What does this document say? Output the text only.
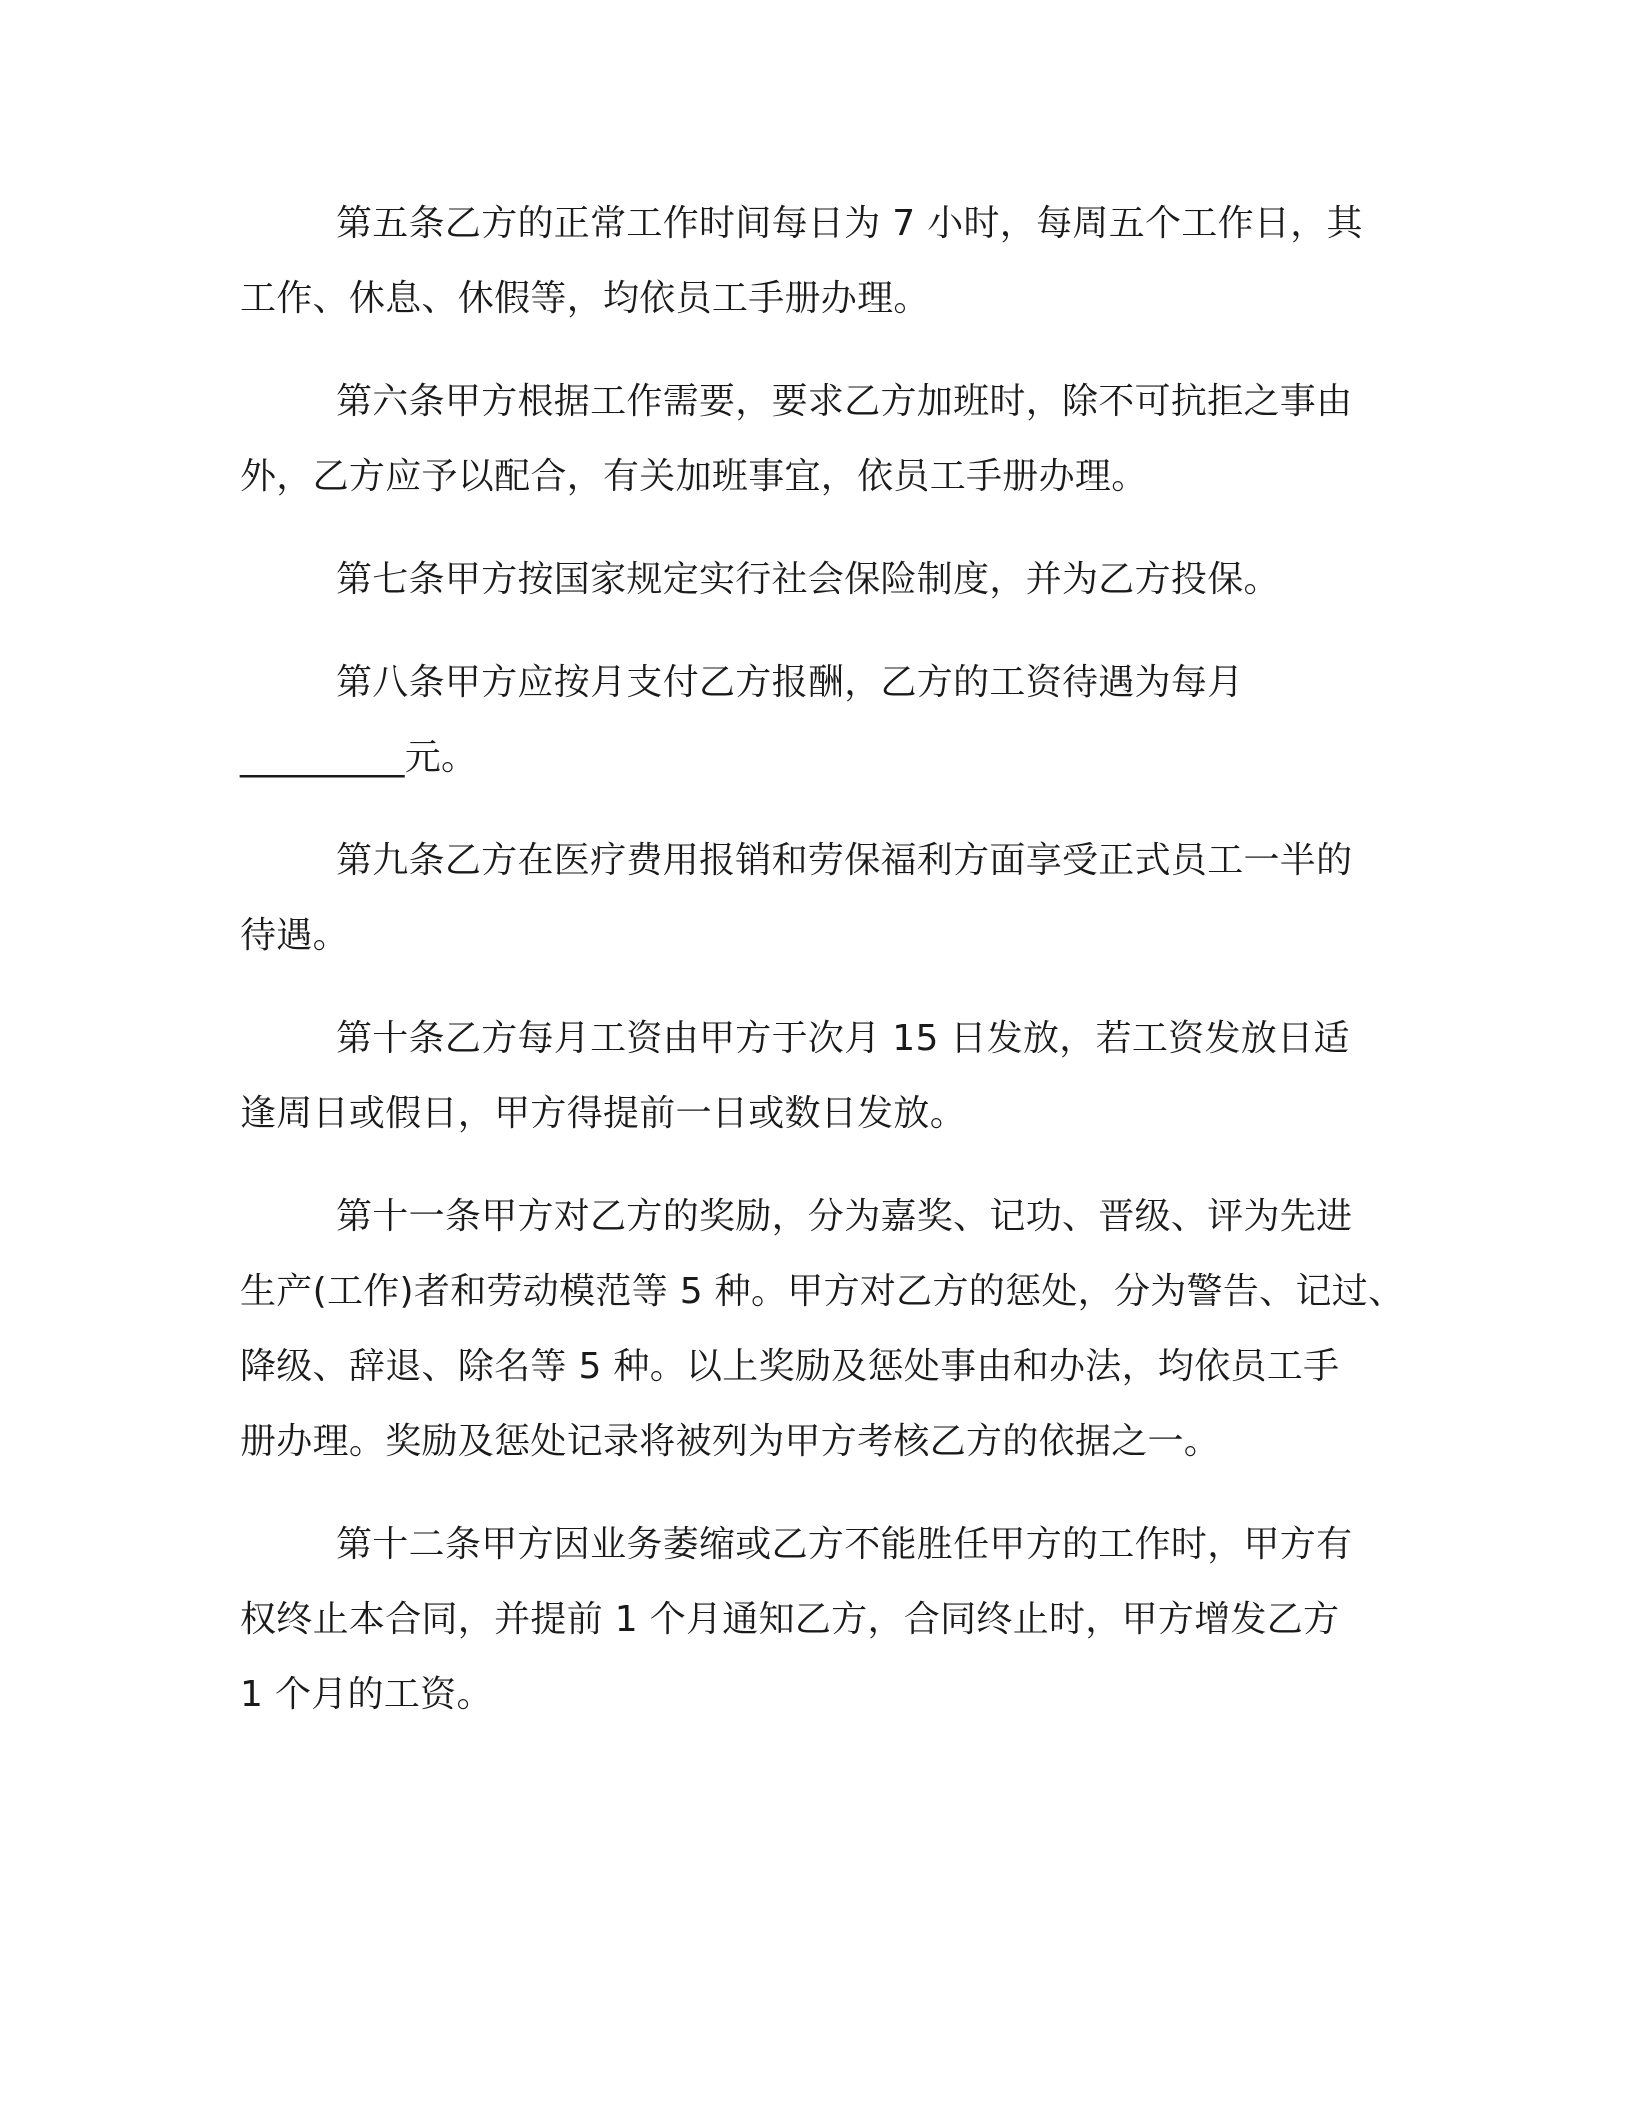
第五条乙方的正常工作时间每日为 7 小时，每周五个工作日，其
工作、休息、休假等，均依员工手册办理。
第六条甲方根据工作需要，要求乙方加班时，除不可抗拒之事由
外，乙方应予以配合，有关加班事宜，依员工手册办理。
第七条甲方按国家规定实行社会保险制度，并为乙方投保。
第八条甲方应按月支付乙方报酬，乙方的工资待遇为每月
_________元。
第九条乙方在医疗费用报销和劳保福利方面享受正式员工一半的
待遇。
第十条乙方每月工资由甲方于次月 15 日发放，若工资发放日适
逢周日或假日，甲方得提前一日或数日发放。
第十一条甲方对乙方的奖励，分为嘉奖、记功、晋级、评为先进
生产(工作)者和劳动模范等 5 种。甲方对乙方的惩处，分为警告、记过、
降级、辞退、除名等 5 种。以上奖励及惩处事由和办法，均依员工手
册办理。奖励及惩处记录将被列为甲方考核乙方的依据之一。
第十二条甲方因业务萎缩或乙方不能胜任甲方的工作时，甲方有
权终止本合同，并提前 1 个月通知乙方，合同终止时，甲方增发乙方
1 个月的工资。
